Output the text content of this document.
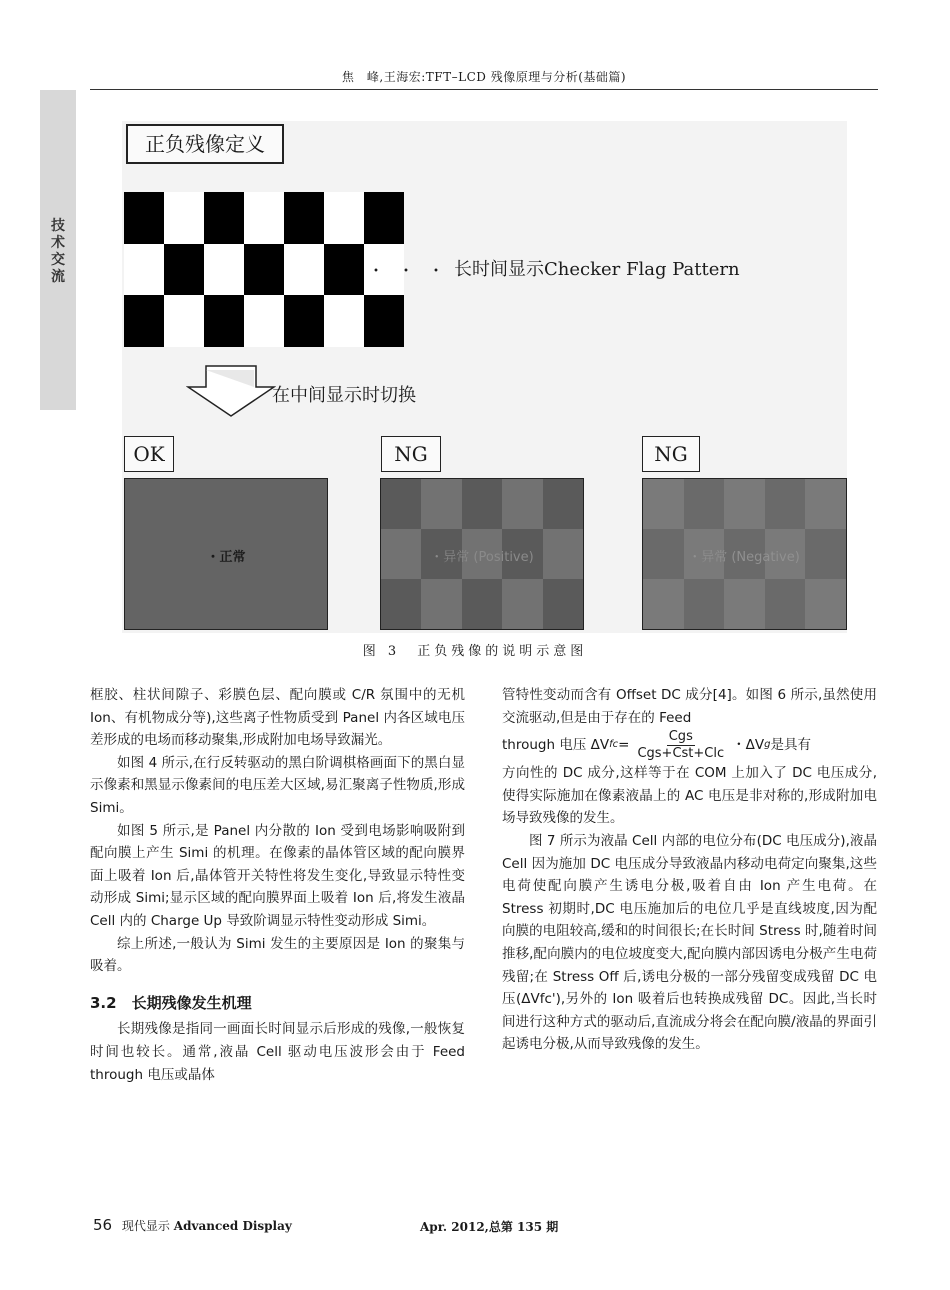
焦　峰,王海宏:TFT–LCD 残像原理与分析(基础篇)
技术交流
正负残像定义
・・・
长时间显示Checker Flag Pattern
在中间显示时切换
OK	NG	NG
・正常	・异常 (Positive)	・异常 (Negative)
图 3　正负残像的说明示意图

框胶、柱状间隙子、彩膜色层、配向膜或 C/R 氛围中的无机 Ion、有机物成分等),这些离子性物质受到 Panel 内各区域电压差形成的电场而移动聚集,形成附加电场导致漏光。

如图 4 所示,在行反转驱动的黑白阶调棋格画面下的黑白显示像素和黑显示像素间的电压差大区域,易汇聚离子性物质,形成 Simi。

如图 5 所示,是 Panel 内分散的 Ion 受到电场影响吸附到配向膜上产生 Simi 的机理。在像素的晶体管区域的配向膜界面上吸着 Ion 后,晶体管开关特性将发生变化,导致显示特性变动形成 Simi;显示区域的配向膜界面上吸着 Ion 后,将发生液晶 Cell 内的 Charge Up 导致阶调显示特性变动形成 Simi。

综上所述,一般认为 Simi 发生的主要原因是 Ion 的聚集与吸着。

3.2　长期残像发生机理

长期残像是指同一画面长时间显示后形成的残像,一般恢复时间也较长。通常,液晶 Cell 驱动电压波形会由于 Feed through 电压或晶体

管特性变动而含有 Offset DC 成分[4]。如图 6 所示,虽然使用交流驱动,但是由于存在的 Feed

through 电压 ΔV fc = $\frac{\text{Cgs}}{\text{Cgs+Cst+Clc}}$ ・ΔV g 是具有

方向性的 DC 成分,这样等于在 COM 上加入了 DC 电压成分,使得实际施加在像素液晶上的 AC 电压是非对称的,形成附加电场导致残像的发生。

图 7 所示为液晶 Cell 内部的电位分布(DC 电压成分),液晶 Cell 因为施加 DC 电压成分导致液晶内移动电荷定向聚集,这些电荷使配向膜产生诱电分极,吸着自由 Ion 产生电荷。在 Stress 初期时,DC 电压施加后的电位几乎是直线坡度,因为配向膜的电阻较高,缓和的时间很长;在长时间 Stress 时,随着时间推移,配向膜内的电位坡度变大,配向膜内部因诱电分极产生电荷残留;在 Stress Off 后,诱电分极的一部分残留变成残留 DC 电压(ΔVfc'),另外的 Ion 吸着后也转换成残留 DC。因此,当长时间进行这种方式的驱动后,直流成分将会在配向膜/液晶的界面引起诱电分极,从而导致残像的发生。

56 现代显示 Advanced Display	Apr. 2012,总第 135 期
